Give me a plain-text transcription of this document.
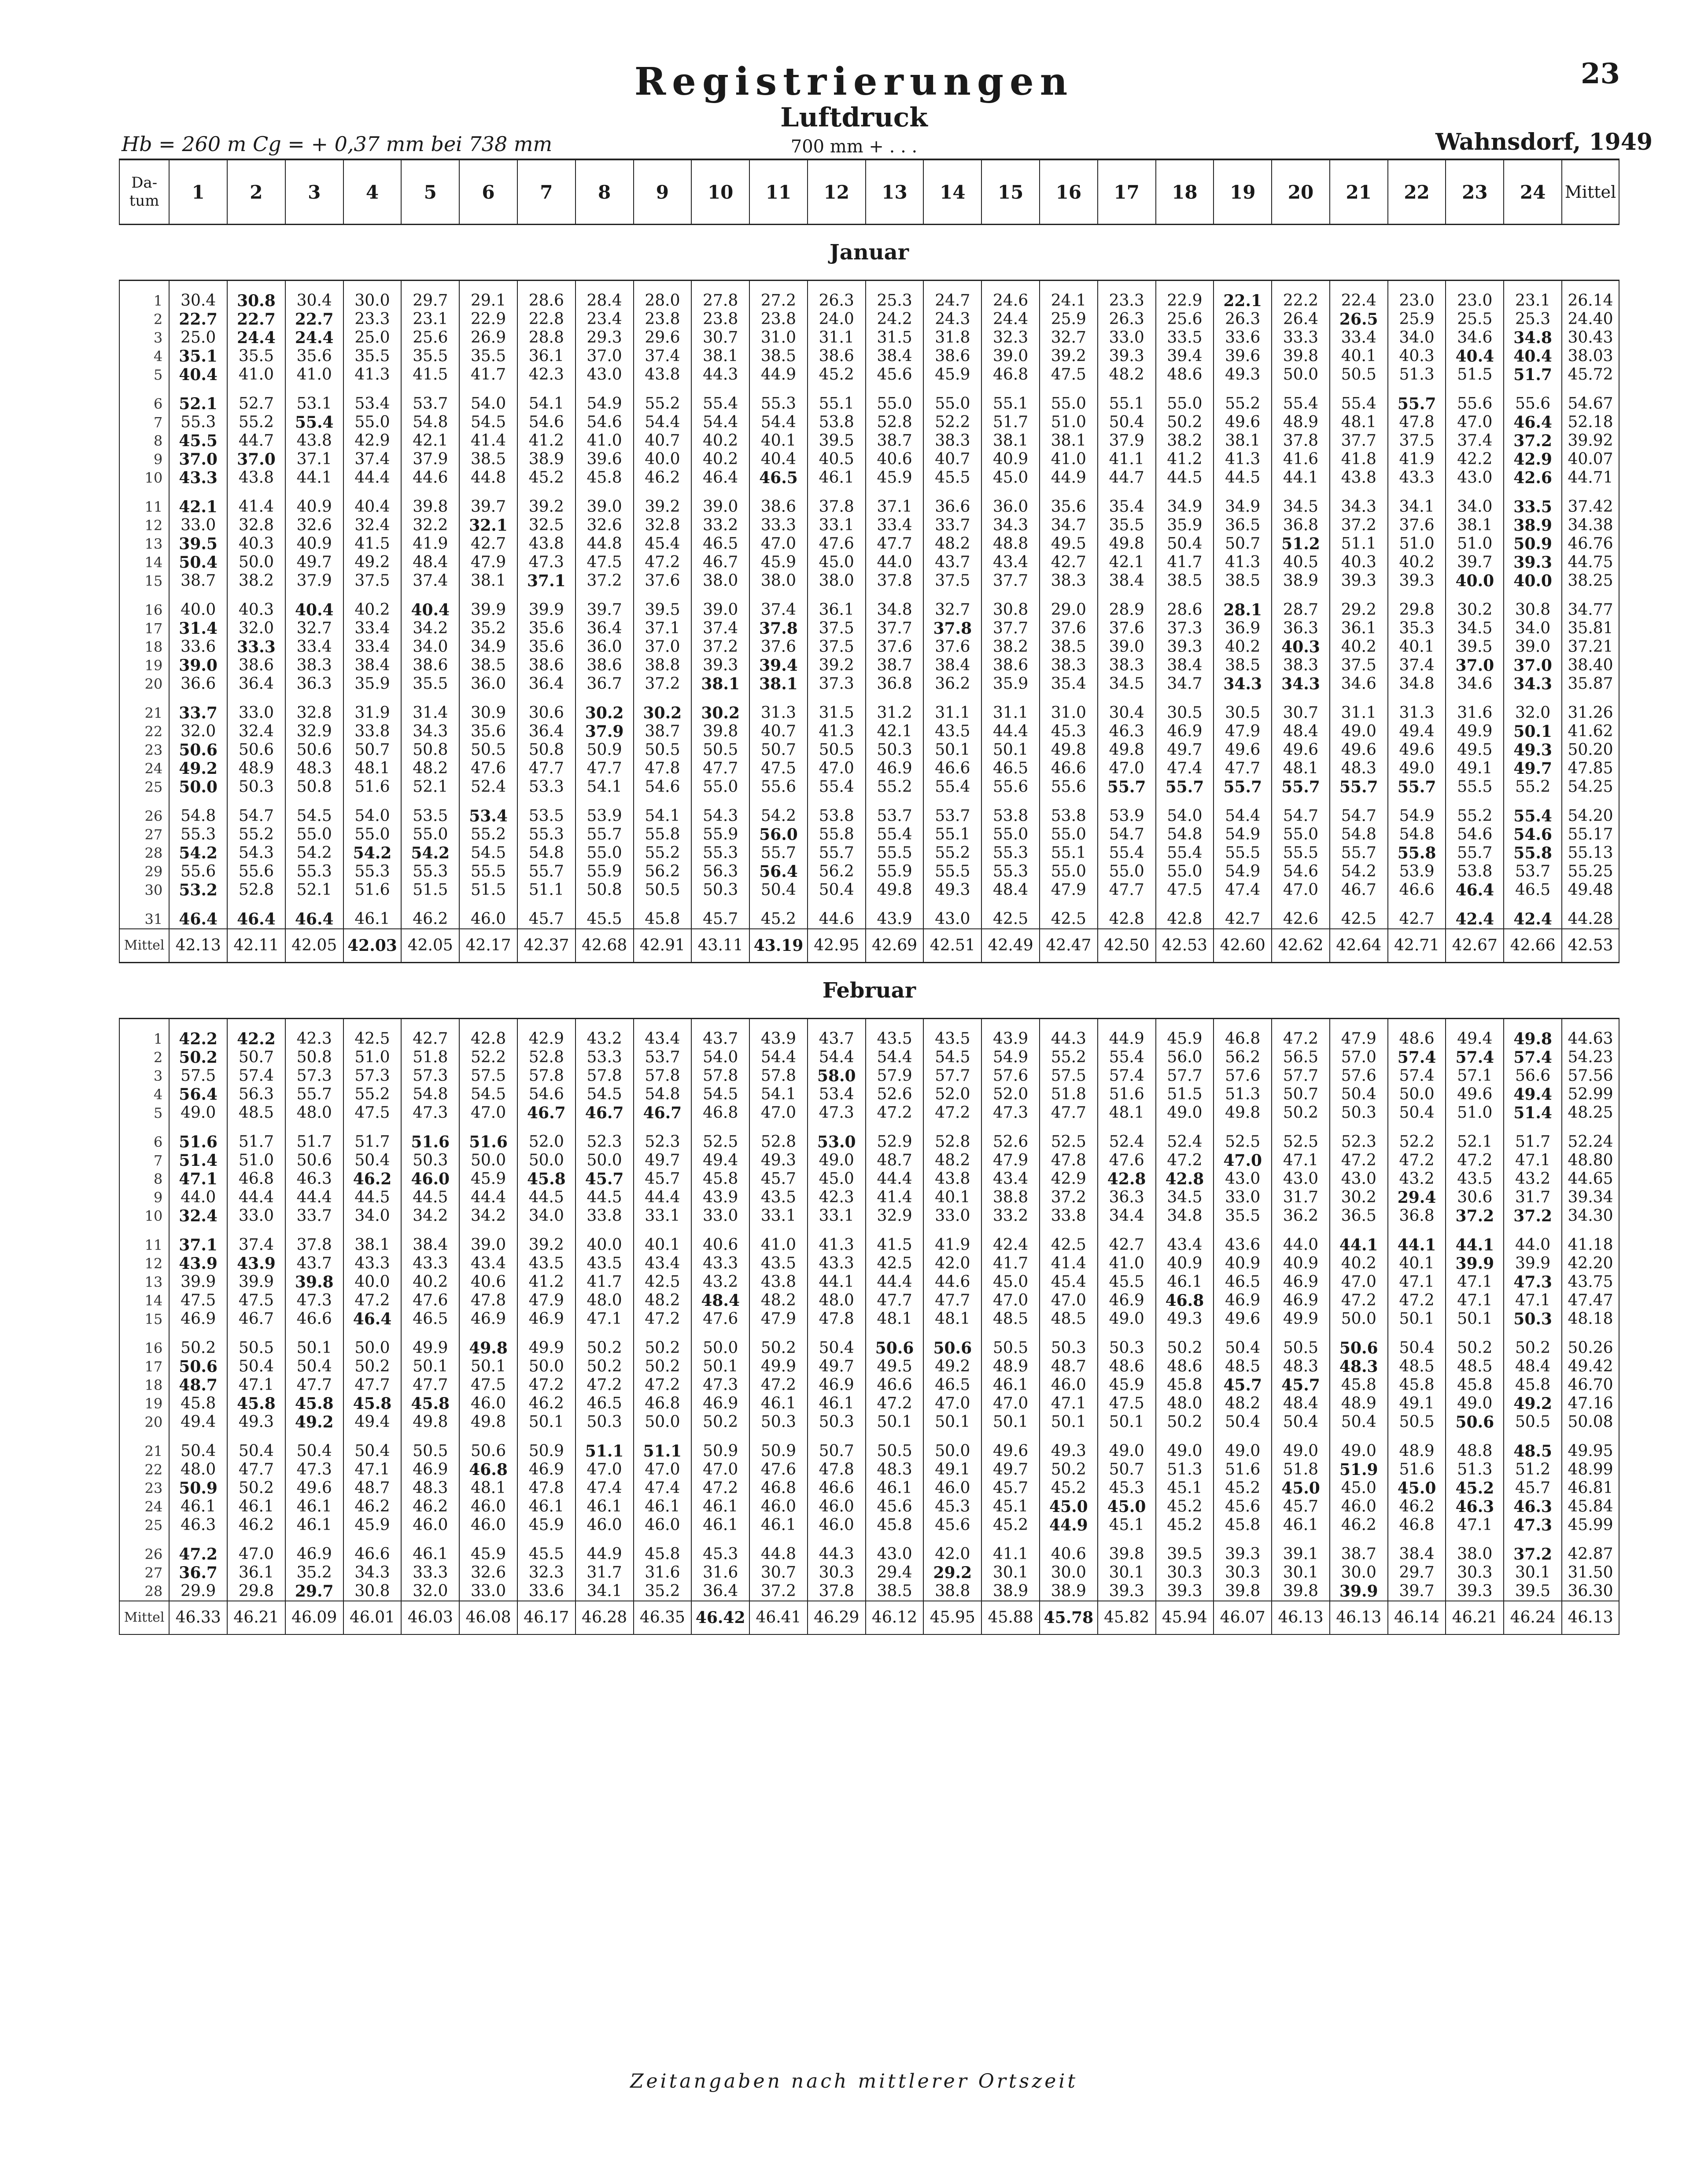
23
Registrierungen
Luftdruck
Hb = 260 m Cg = + 0,37 mm bei 738 mm	700 mm + . . .	Wahnsdorf, 1949
Da-tum	1	2	3	4	5	6	7	8	9	10	11	12	13	14	15	16	17	18	19	20	21	22	23	24	Mittel
Januar																									
1	30.4	30.8	30.4	30.0	29.7	29.1	28.6	28.4	28.0	27.8	27.2	26.3	25.3	24.7	24.6	24.1	23.3	22.9	22.1	22.2	22.4	23.0	23.0	23.1	26.14
2	22.7	22.7	22.7	23.3	23.1	22.9	22.8	23.4	23.8	23.8	23.8	24.0	24.2	24.3	24.4	25.9	26.3	25.6	26.3	26.4	26.5	25.9	25.5	25.3	24.40
3	25.0	24.4	24.4	25.0	25.6	26.9	28.8	29.3	29.6	30.7	31.0	31.1	31.5	31.8	32.3	32.7	33.0	33.5	33.6	33.3	33.4	34.0	34.6	34.8	30.43
4	35.1	35.5	35.6	35.5	35.5	35.5	36.1	37.0	37.4	38.1	38.5	38.6	38.4	38.6	39.0	39.2	39.3	39.4	39.6	39.8	40.1	40.3	40.4	40.4	38.03
5	40.4	41.0	41.0	41.3	41.5	41.7	42.3	43.0	43.8	44.3	44.9	45.2	45.6	45.9	46.8	47.5	48.2	48.6	49.3	50.0	50.5	51.3	51.5	51.7	45.72
6	52.1	52.7	53.1	53.4	53.7	54.0	54.1	54.9	55.2	55.4	55.3	55.1	55.0	55.0	55.1	55.0	55.1	55.0	55.2	55.4	55.4	55.7	55.6	55.6	54.67
7	55.3	55.2	55.4	55.0	54.8	54.5	54.6	54.6	54.4	54.4	54.4	53.8	52.8	52.2	51.7	51.0	50.4	50.2	49.6	48.9	48.1	47.8	47.0	46.4	52.18
8	45.5	44.7	43.8	42.9	42.1	41.4	41.2	41.0	40.7	40.2	40.1	39.5	38.7	38.3	38.1	38.1	37.9	38.2	38.1	37.8	37.7	37.5	37.4	37.2	39.92
9	37.0	37.0	37.1	37.4	37.9	38.5	38.9	39.6	40.0	40.2	40.4	40.5	40.6	40.7	40.9	41.0	41.1	41.2	41.3	41.6	41.8	41.9	42.2	42.9	40.07
10	43.3	43.8	44.1	44.4	44.6	44.8	45.2	45.8	46.2	46.4	46.5	46.1	45.9	45.5	45.0	44.9	44.7	44.5	44.5	44.1	43.8	43.3	43.0	42.6	44.71
11	42.1	41.4	40.9	40.4	39.8	39.7	39.2	39.0	39.2	39.0	38.6	37.8	37.1	36.6	36.0	35.6	35.4	34.9	34.9	34.5	34.3	34.1	34.0	33.5	37.42
12	33.0	32.8	32.6	32.4	32.2	32.1	32.5	32.6	32.8	33.2	33.3	33.1	33.4	33.7	34.3	34.7	35.5	35.9	36.5	36.8	37.2	37.6	38.1	38.9	34.38
13	39.5	40.3	40.9	41.5	41.9	42.7	43.8	44.8	45.4	46.5	47.0	47.6	47.7	48.2	48.8	49.5	49.8	50.4	50.7	51.2	51.1	51.0	51.0	50.9	46.76
14	50.4	50.0	49.7	49.2	48.4	47.9	47.3	47.5	47.2	46.7	45.9	45.0	44.0	43.7	43.4	42.7	42.1	41.7	41.3	40.5	40.3	40.2	39.7	39.3	44.75
15	38.7	38.2	37.9	37.5	37.4	38.1	37.1	37.2	37.6	38.0	38.0	38.0	37.8	37.5	37.7	38.3	38.4	38.5	38.5	38.9	39.3	39.3	40.0	40.0	38.25
16	40.0	40.3	40.4	40.2	40.4	39.9	39.9	39.7	39.5	39.0	37.4	36.1	34.8	32.7	30.8	29.0	28.9	28.6	28.1	28.7	29.2	29.8	30.2	30.8	34.77
17	31.4	32.0	32.7	33.4	34.2	35.2	35.6	36.4	37.1	37.4	37.8	37.5	37.7	37.8	37.7	37.6	37.6	37.3	36.9	36.3	36.1	35.3	34.5	34.0	35.81
18	33.6	33.3	33.4	33.4	34.0	34.9	35.6	36.0	37.0	37.2	37.6	37.5	37.6	37.6	38.2	38.5	39.0	39.3	40.2	40.3	40.2	40.1	39.5	39.0	37.21
19	39.0	38.6	38.3	38.4	38.6	38.5	38.6	38.6	38.8	39.3	39.4	39.2	38.7	38.4	38.6	38.3	38.3	38.4	38.5	38.3	37.5	37.4	37.0	37.0	38.40
20	36.6	36.4	36.3	35.9	35.5	36.0	36.4	36.7	37.2	38.1	38.1	37.3	36.8	36.2	35.9	35.4	34.5	34.7	34.3	34.3	34.6	34.8	34.6	34.3	35.87
21	33.7	33.0	32.8	31.9	31.4	30.9	30.6	30.2	30.2	30.2	31.3	31.5	31.2	31.1	31.1	31.0	30.4	30.5	30.5	30.7	31.1	31.3	31.6	32.0	31.26
22	32.0	32.4	32.9	33.8	34.3	35.6	36.4	37.9	38.7	39.8	40.7	41.3	42.1	43.5	44.4	45.3	46.3	46.9	47.9	48.4	49.0	49.4	49.9	50.1	41.62
23	50.6	50.6	50.6	50.7	50.8	50.5	50.8	50.9	50.5	50.5	50.7	50.5	50.3	50.1	50.1	49.8	49.8	49.7	49.6	49.6	49.6	49.6	49.5	49.3	50.20
24	49.2	48.9	48.3	48.1	48.2	47.6	47.7	47.7	47.8	47.7	47.5	47.0	46.9	46.6	46.5	46.6	47.0	47.4	47.7	48.1	48.3	49.0	49.1	49.7	47.85
25	50.0	50.3	50.8	51.6	52.1	52.4	53.3	54.1	54.6	55.0	55.6	55.4	55.2	55.4	55.6	55.6	55.7	55.7	55.7	55.7	55.7	55.7	55.5	55.2	54.25
26	54.8	54.7	54.5	54.0	53.5	53.4	53.5	53.9	54.1	54.3	54.2	53.8	53.7	53.7	53.8	53.8	53.9	54.0	54.4	54.7	54.7	54.9	55.2	55.4	54.20
27	55.3	55.2	55.0	55.0	55.0	55.2	55.3	55.7	55.8	55.9	56.0	55.8	55.4	55.1	55.0	55.0	54.7	54.8	54.9	55.0	54.8	54.8	54.6	54.6	55.17
28	54.2	54.3	54.2	54.2	54.2	54.5	54.8	55.0	55.2	55.3	55.7	55.7	55.5	55.2	55.3	55.1	55.4	55.4	55.5	55.5	55.7	55.8	55.7	55.8	55.13
29	55.6	55.6	55.3	55.3	55.3	55.5	55.7	55.9	56.2	56.3	56.4	56.2	55.9	55.5	55.3	55.0	55.0	55.0	54.9	54.6	54.2	53.9	53.8	53.7	55.25
30	53.2	52.8	52.1	51.6	51.5	51.5	51.1	50.8	50.5	50.3	50.4	50.4	49.8	49.3	48.4	47.9	47.7	47.5	47.4	47.0	46.7	46.6	46.4	46.5	49.48
31	46.4	46.4	46.4	46.1	46.2	46.0	45.7	45.5	45.8	45.7	45.2	44.6	43.9	43.0	42.5	42.5	42.8	42.8	42.7	42.6	42.5	42.7	42.4	42.4	44.28
Mittel	42.13	42.11	42.05	42.03	42.05	42.17	42.37	42.68	42.91	43.11	43.19	42.95	42.69	42.51	42.49	42.47	42.50	42.53	42.60	42.62	42.64	42.71	42.67	42.66	42.53
Februar																									
1	42.2	42.2	42.3	42.5	42.7	42.8	42.9	43.2	43.4	43.7	43.9	43.7	43.5	43.5	43.9	44.3	44.9	45.9	46.8	47.2	47.9	48.6	49.4	49.8	44.63
2	50.2	50.7	50.8	51.0	51.8	52.2	52.8	53.3	53.7	54.0	54.4	54.4	54.4	54.5	54.9	55.2	55.4	56.0	56.2	56.5	57.0	57.4	57.4	57.4	54.23
3	57.5	57.4	57.3	57.3	57.3	57.5	57.8	57.8	57.8	57.8	57.8	58.0	57.9	57.7	57.6	57.5	57.4	57.7	57.6	57.7	57.6	57.4	57.1	56.6	57.56
4	56.4	56.3	55.7	55.2	54.8	54.5	54.6	54.5	54.8	54.5	54.1	53.4	52.6	52.0	52.0	51.8	51.6	51.5	51.3	50.7	50.4	50.0	49.6	49.4	52.99
5	49.0	48.5	48.0	47.5	47.3	47.0	46.7	46.7	46.7	46.8	47.0	47.3	47.2	47.2	47.3	47.7	48.1	49.0	49.8	50.2	50.3	50.4	51.0	51.4	48.25
6	51.6	51.7	51.7	51.7	51.6	51.6	52.0	52.3	52.3	52.5	52.8	53.0	52.9	52.8	52.6	52.5	52.4	52.4	52.5	52.5	52.3	52.2	52.1	51.7	52.24
7	51.4	51.0	50.6	50.4	50.3	50.0	50.0	50.0	49.7	49.4	49.3	49.0	48.7	48.2	47.9	47.8	47.6	47.2	47.0	47.1	47.2	47.2	47.2	47.1	48.80
8	47.1	46.8	46.3	46.2	46.0	45.9	45.8	45.7	45.7	45.8	45.7	45.0	44.4	43.8	43.4	42.9	42.8	42.8	43.0	43.0	43.0	43.2	43.5	43.2	44.65
9	44.0	44.4	44.4	44.5	44.5	44.4	44.5	44.5	44.4	43.9	43.5	42.3	41.4	40.1	38.8	37.2	36.3	34.5	33.0	31.7	30.2	29.4	30.6	31.7	39.34
10	32.4	33.0	33.7	34.0	34.2	34.2	34.0	33.8	33.1	33.0	33.1	33.1	32.9	33.0	33.2	33.8	34.4	34.8	35.5	36.2	36.5	36.8	37.2	37.2	34.30
11	37.1	37.4	37.8	38.1	38.4	39.0	39.2	40.0	40.1	40.6	41.0	41.3	41.5	41.9	42.4	42.5	42.7	43.4	43.6	44.0	44.1	44.1	44.1	44.0	41.18
12	43.9	43.9	43.7	43.3	43.3	43.4	43.5	43.5	43.4	43.3	43.5	43.3	42.5	42.0	41.7	41.4	41.0	40.9	40.9	40.9	40.2	40.1	39.9	39.9	42.20
13	39.9	39.9	39.8	40.0	40.2	40.6	41.2	41.7	42.5	43.2	43.8	44.1	44.4	44.6	45.0	45.4	45.5	46.1	46.5	46.9	47.0	47.1	47.1	47.3	43.75
14	47.5	47.5	47.3	47.2	47.6	47.8	47.9	48.0	48.2	48.4	48.2	48.0	47.7	47.7	47.0	47.0	46.9	46.8	46.9	46.9	47.2	47.2	47.1	47.1	47.47
15	46.9	46.7	46.6	46.4	46.5	46.9	46.9	47.1	47.2	47.6	47.9	47.8	48.1	48.1	48.5	48.5	49.0	49.3	49.6	49.9	50.0	50.1	50.1	50.3	48.18
16	50.2	50.5	50.1	50.0	49.9	49.8	49.9	50.2	50.2	50.0	50.2	50.4	50.6	50.6	50.5	50.3	50.3	50.2	50.4	50.5	50.6	50.4	50.2	50.2	50.26
17	50.6	50.4	50.4	50.2	50.1	50.1	50.0	50.2	50.2	50.1	49.9	49.7	49.5	49.2	48.9	48.7	48.6	48.6	48.5	48.3	48.3	48.5	48.5	48.4	49.42
18	48.7	47.1	47.7	47.7	47.7	47.5	47.2	47.2	47.2	47.3	47.2	46.9	46.6	46.5	46.1	46.0	45.9	45.8	45.7	45.7	45.8	45.8	45.8	45.8	46.70
19	45.8	45.8	45.8	45.8	45.8	46.0	46.2	46.5	46.8	46.9	46.1	46.1	47.2	47.0	47.0	47.1	47.5	48.0	48.2	48.4	48.9	49.1	49.0	49.2	47.16
20	49.4	49.3	49.2	49.4	49.8	49.8	50.1	50.3	50.0	50.2	50.3	50.3	50.1	50.1	50.1	50.1	50.1	50.2	50.4	50.4	50.4	50.5	50.6	50.5	50.08
21	50.4	50.4	50.4	50.4	50.5	50.6	50.9	51.1	51.1	50.9	50.9	50.7	50.5	50.0	49.6	49.3	49.0	49.0	49.0	49.0	49.0	48.9	48.8	48.5	49.95
22	48.0	47.7	47.3	47.1	46.9	46.8	46.9	47.0	47.0	47.0	47.6	47.8	48.3	49.1	49.7	50.2	50.7	51.3	51.6	51.8	51.9	51.6	51.3	51.2	48.99
23	50.9	50.2	49.6	48.7	48.3	48.1	47.8	47.4	47.4	47.2	46.8	46.6	46.1	46.0	45.7	45.2	45.3	45.1	45.2	45.0	45.0	45.0	45.2	45.7	46.81
24	46.1	46.1	46.1	46.2	46.2	46.0	46.1	46.1	46.1	46.1	46.0	46.0	45.6	45.3	45.1	45.0	45.0	45.2	45.6	45.7	46.0	46.2	46.3	46.3	45.84
25	46.3	46.2	46.1	45.9	46.0	46.0	45.9	46.0	46.0	46.1	46.1	46.0	45.8	45.6	45.2	44.9	45.1	45.2	45.8	46.1	46.2	46.8	47.1	47.3	45.99
26	47.2	47.0	46.9	46.6	46.1	45.9	45.5	44.9	45.8	45.3	44.8	44.3	43.0	42.0	41.1	40.6	39.8	39.5	39.3	39.1	38.7	38.4	38.0	37.2	42.87
27	36.7	36.1	35.2	34.3	33.3	32.6	32.3	31.7	31.6	31.6	30.7	30.3	29.4	29.2	30.1	30.0	30.1	30.3	30.3	30.1	30.0	29.7	30.3	30.1	31.50
28	29.9	29.8	29.7	30.8	32.0	33.0	33.6	34.1	35.2	36.4	37.2	37.8	38.5	38.8	38.9	38.9	39.3	39.3	39.8	39.8	39.9	39.7	39.3	39.5	36.30
Mittel	46.33	46.21	46.09	46.01	46.03	46.08	46.17	46.28	46.35	46.42	46.41	46.29	46.12	45.95	45.88	45.78	45.82	45.94	46.07	46.13	46.13	46.14	46.21	46.24	46.13
Zeitangaben nach mittlerer Ortszeit
